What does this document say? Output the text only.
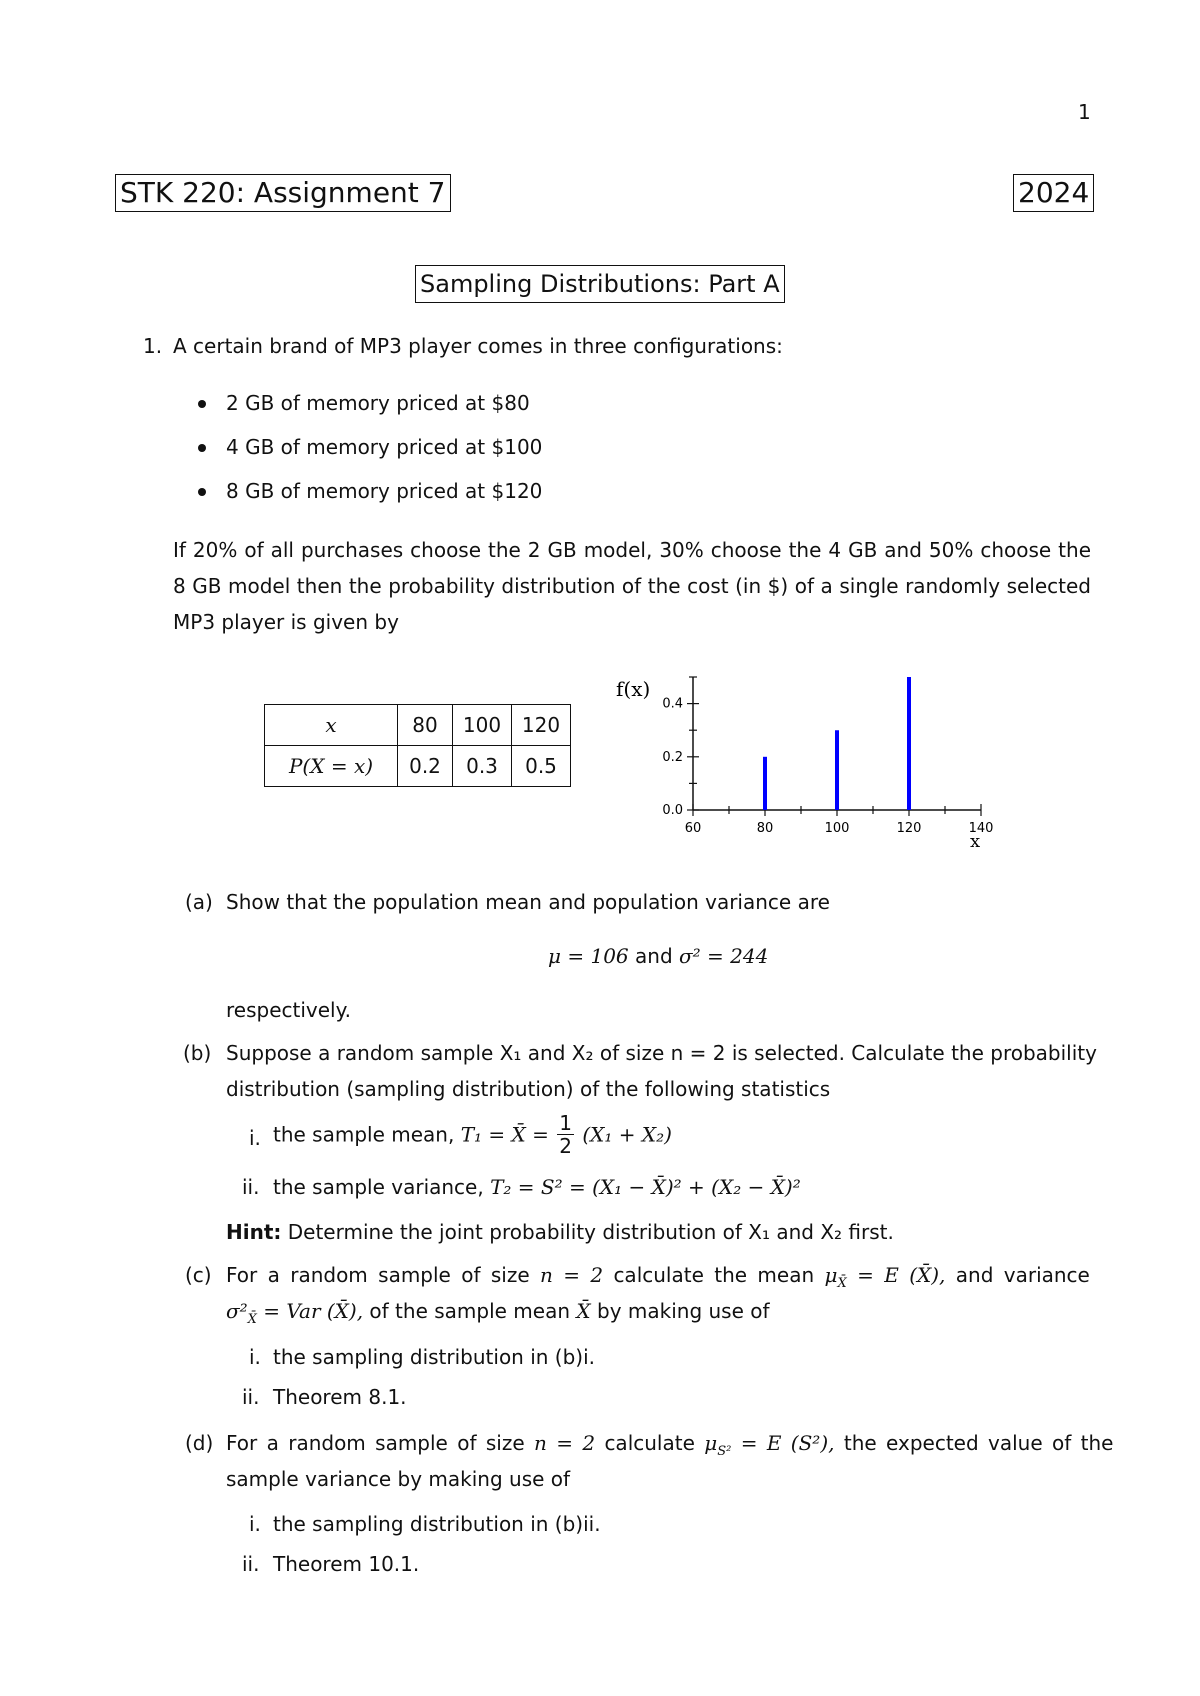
1
STK 220: Assignment 7	2024
Sampling Distributions: Part A
1. A certain brand of MP3 player comes in three configurations:
2 GB of memory priced at $80
4 GB of memory priced at $100
8 GB of memory priced at $120
If 20% of all purchases choose the 2 GB model, 30% choose the 4 GB and 50% choose the 8 GB model then the probability distribution of the cost (in $) of a single randomly selected MP3 player is given by
x	80	100	120
P(X = x)	0.2	0.3	0.5
f(x)
x
60	80	100	120	140
0.0
0.2
0.4
(a) Show that the population mean and population variance are
μ = 106 and σ² = 244
respectively.
(b) Suppose a random sample X₁ and X₂ of size n = 2 is selected. Calculate the probability
distribution (sampling distribution) of the following statistics
i. the sample mean, T₁ = X̄ = $\frac{1}{2} (X_1 + X_2)$
ii. the sample variance, T₂ = S² = (X₁ − X̄)² + (X₂ − X̄)²
Hint: Determine the joint probability distribution of X₁ and X₂ first.
(c) For a random sample of size n = 2 calculate the mean $\mu_{X̄} = E$ (X̄), and variance
$\sigma^2_{X̄}$ = Var (X̄), of the sample mean X̄ by making use of
i. the sampling distribution in (b)i.
ii. Theorem 8.1.
(d) For a random sample of size n = 2 calculate $\mu_{S^2} = E$ (S²), the expected value of the
sample variance by making use of
i. the sampling distribution in (b)ii.
ii. Theorem 10.1.
